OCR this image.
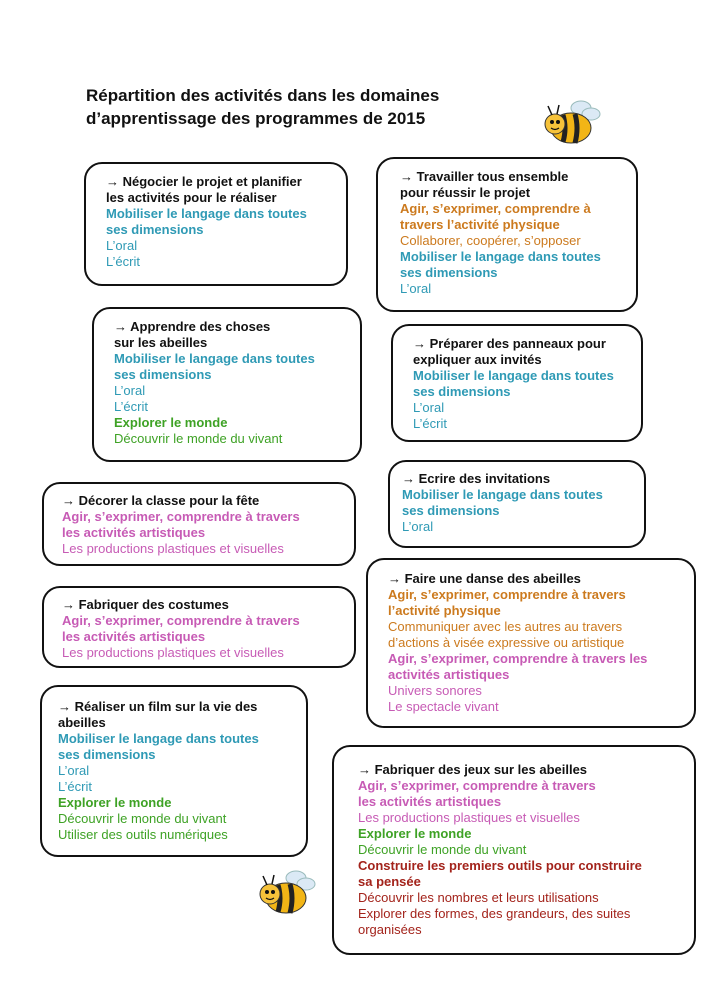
Répartition des activités dans les domaines
d’apprentissage des programmes de 2015
→ Négocier le projet et planifier
les activités pour le réaliser
Mobiliser le langage dans toutes
ses dimensions
L’oral
L’écrit
→ Travailler tous ensemble
pour réussir le projet
Agir, s’exprimer, comprendre à
travers l’activité physique
Collaborer, coopérer, s’opposer
Mobiliser le langage dans toutes
ses dimensions
L’oral
→ Apprendre des choses
sur les abeilles
Mobiliser le langage dans toutes
ses dimensions
L’oral
L’écrit
Explorer le monde
Découvrir le monde du vivant
→ Préparer des panneaux pour
expliquer aux invités
Mobiliser le langage dans toutes
ses dimensions
L’oral
L’écrit
→ Ecrire des invitations
Mobiliser le langage dans toutes
ses dimensions
L’oral
→ Décorer la classe pour la fête
Agir, s’exprimer, comprendre à travers
les activités artistiques
Les productions plastiques et visuelles
→ Faire une danse des abeilles
Agir, s’exprimer, comprendre à travers
l’activité physique
Communiquer avec les autres au travers
d’actions à visée expressive ou artistique
Agir, s’exprimer, comprendre à travers les
activités artistiques
Univers sonores
Le spectacle vivant
→ Fabriquer des costumes
Agir, s’exprimer, comprendre à travers
les activités artistiques
Les productions plastiques et visuelles
→ Réaliser un film sur la vie des
abeilles
Mobiliser le langage dans toutes
ses dimensions
L’oral
L’écrit
Explorer le monde
Découvrir le monde du vivant
Utiliser des outils numériques
→ Fabriquer des jeux sur les abeilles
Agir, s’exprimer, comprendre à travers
les activités artistiques
Les productions plastiques et visuelles
Explorer le monde
Découvrir le monde du vivant
Construire les premiers outils pour construire
sa pensée
Découvrir les nombres et leurs utilisations
Explorer des formes, des grandeurs, des suites
organisées
